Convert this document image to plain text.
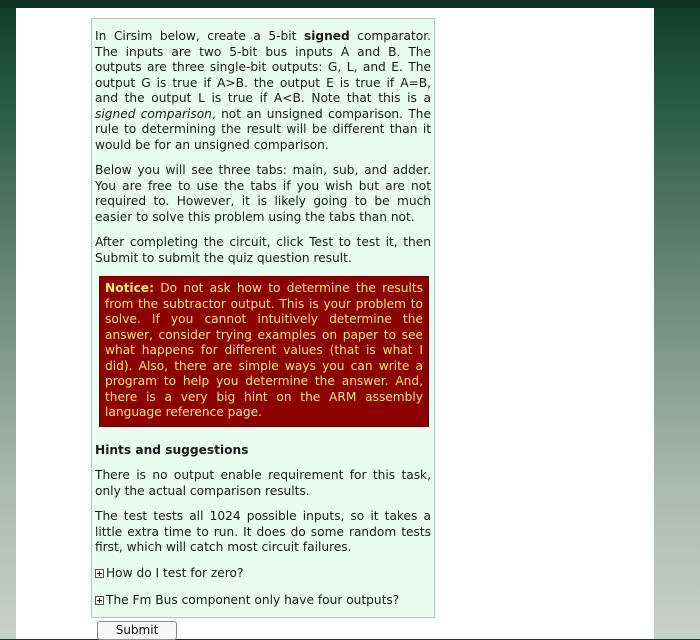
In Cirsim below, create a 5-bit signed comparator. The inputs are two 5-bit bus inputs A and B. The outputs are three single-bit outputs: G, L, and E. The output G is true if A>B. the output E is true if A=B, and the output L is true if A<B. Note that this is a signed comparison, not an unsigned comparison. The rule to determining the result will be different than it would be for an unsigned comparison.

Below you will see three tabs: main, sub, and adder. You are free to use the tabs if you wish but are not required to. However, it is likely going to be much easier to solve this problem using the tabs than not.

After completing the circuit, click Test to test it, then Submit to submit the quiz question result.

Notice: Do not ask how to determine the results from the subtractor output. This is your problem to solve. If you cannot intuitively determine the answer, consider trying examples on paper to see what happens for different values (that is what I did). Also, there are simple ways you can write a program to help you determine the answer. And, there is a very big hint on the ARM assembly language reference page.

Hints and suggestions

There is no output enable requirement for this task, only the actual comparison results.

The test tests all 1024 possible inputs, so it takes a little extra time to run. It does do some random tests first, which will catch most circuit failures.

How do I test for zero?
The Fm Bus component only have four outputs?
Submit
